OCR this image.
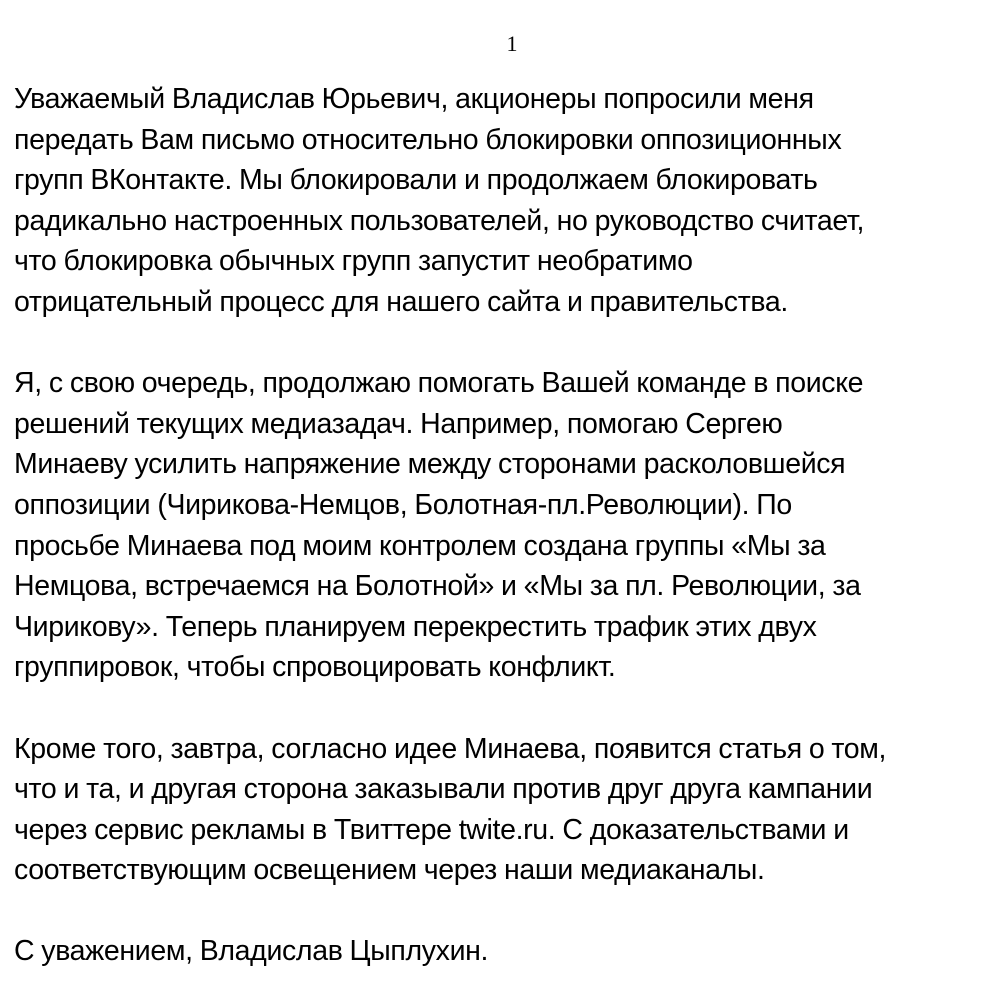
1

Уважаемый Владислав Юрьевич, акционеры попросили меня
передать Вам письмо относительно блокировки оппозиционных
групп ВКонтакте. Мы блокировали и продолжаем блокировать
радикально настроенных пользователей, но руководство считает,
что блокировка обычных групп запустит необратимо
отрицательный процесс для нашего сайта и правительства.

Я, с свою очередь, продолжаю помогать Вашей команде в поиске
решений текущих медиазадач. Например, помогаю Сергею
Минаеву усилить напряжение между сторонами расколовшейся
оппозиции (Чирикова-Немцов, Болотная-пл.Революции). По
просьбе Минаева под моим контролем создана группы «Мы за
Немцова, встречаемся на Болотной» и «Мы за пл. Революции, за
Чирикову». Теперь планируем перекрестить трафик этих двух
группировок, чтобы спровоцировать конфликт.

Кроме того, завтра, согласно идее Минаева, появится статья о том,
что и та, и другая сторона заказывали против друг друга кампании
через сервис рекламы в Твиттере twite.ru. С доказательствами и
соответствующим освещением через наши медиаканалы.

С уважением, Владислав Цыплухин.
